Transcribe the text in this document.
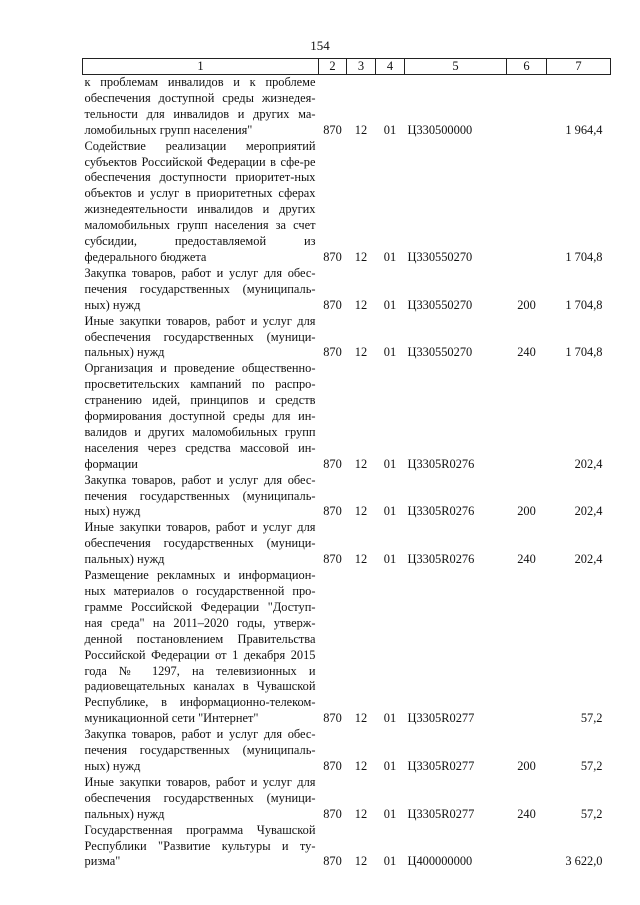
154
1	2	3	4	5	6	7
к проблемам инвалидов и к проблеме обеспечения доступной среды жизнедея-тельности для инвалидов и других ма-ломобильных групп населения"	870	12	01	Ц330500000		1 964,4
Содействие реализации мероприятий субъектов Российской Федерации в сфе-ре обеспечения доступности приоритет-ных объектов и услуг в приоритетных сферах жизнедеятельности инвалидов и других маломобильных групп населения за счет субсидии, предоставляемой из федерального бюджета	870	12	01	Ц330550270		1 704,8
Закупка товаров, работ и услуг для обес-печения государственных (муниципаль-ных) нужд	870	12	01	Ц330550270	200	1 704,8
Иные закупки товаров, работ и услуг для обеспечения государственных (муници-пальных) нужд	870	12	01	Ц330550270	240	1 704,8
Организация и проведение общественно-просветительских кампаний по распро-странению идей, принципов и средств формирования доступной среды для ин-валидов и других маломобильных групп населения через средства массовой ин-формации	870	12	01	Ц3305R0276		202,4
Закупка товаров, работ и услуг для обес-печения государственных (муниципаль-ных) нужд	870	12	01	Ц3305R0276	200	202,4
Иные закупки товаров, работ и услуг для обеспечения государственных (муници-пальных) нужд	870	12	01	Ц3305R0276	240	202,4
Размещение рекламных и информацион-ных материалов о государственной про-грамме Российской Федерации "Доступ-ная среда" на 2011–2020 годы, утверж-денной постановлением Правительства Российской Федерации от 1 декабря 2015 года № 1297, на телевизионных и радиовещательных каналах в Чувашской Республике, в информационно-телеком-муникационной сети "Интернет"	870	12	01	Ц3305R0277		57,2
Закупка товаров, работ и услуг для обес-печения государственных (муниципаль-ных) нужд	870	12	01	Ц3305R0277	200	57,2
Иные закупки товаров, работ и услуг для обеспечения государственных (муници-пальных) нужд	870	12	01	Ц3305R0277	240	57,2
Государственная программа Чувашской Республики "Развитие культуры и ту-ризма"	870	12	01	Ц400000000		3 622,0
